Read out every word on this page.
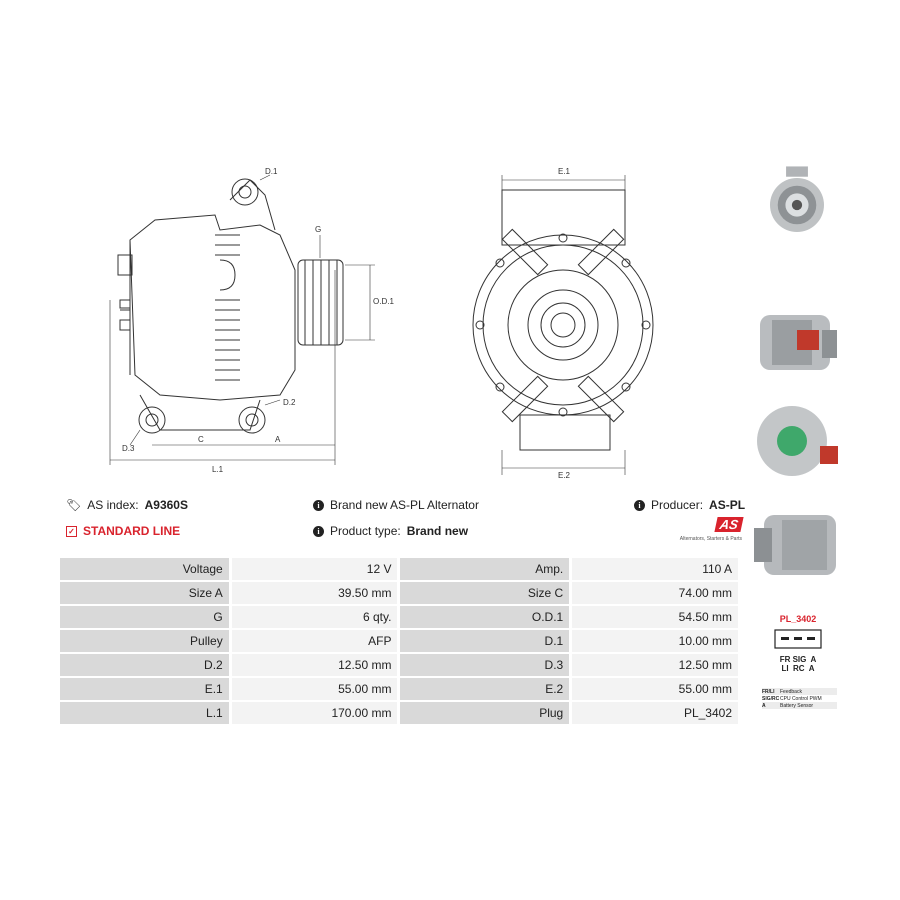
D.1
G
O.D.1
D.2
D.3
C	A
L.1
E.1
E.2
🏷 AS index: A9360S
✓ STANDARD LINE
i Brand new AS-PL Alternator
i Product type: Brand new
i Producer: AS-PL
AS
Alternators, Starters & Parts
Voltage	12 V	Amp.	110 A
Size A	39.50 mm	Size C	74.00 mm
G	6 qty.	O.D.1	54.50 mm
Pulley	AFP	D.1	10.00 mm
D.2	12.50 mm	D.3	12.50 mm
E.1	55.00 mm	E.2	55.00 mm
L.1	170.00 mm	Plug	PL_3402
PL_3402
FR SIG  A
LI  RC  A
FR/LI	Feedback
SIG/RC CPU Control PWM
A	Battery Sensor
